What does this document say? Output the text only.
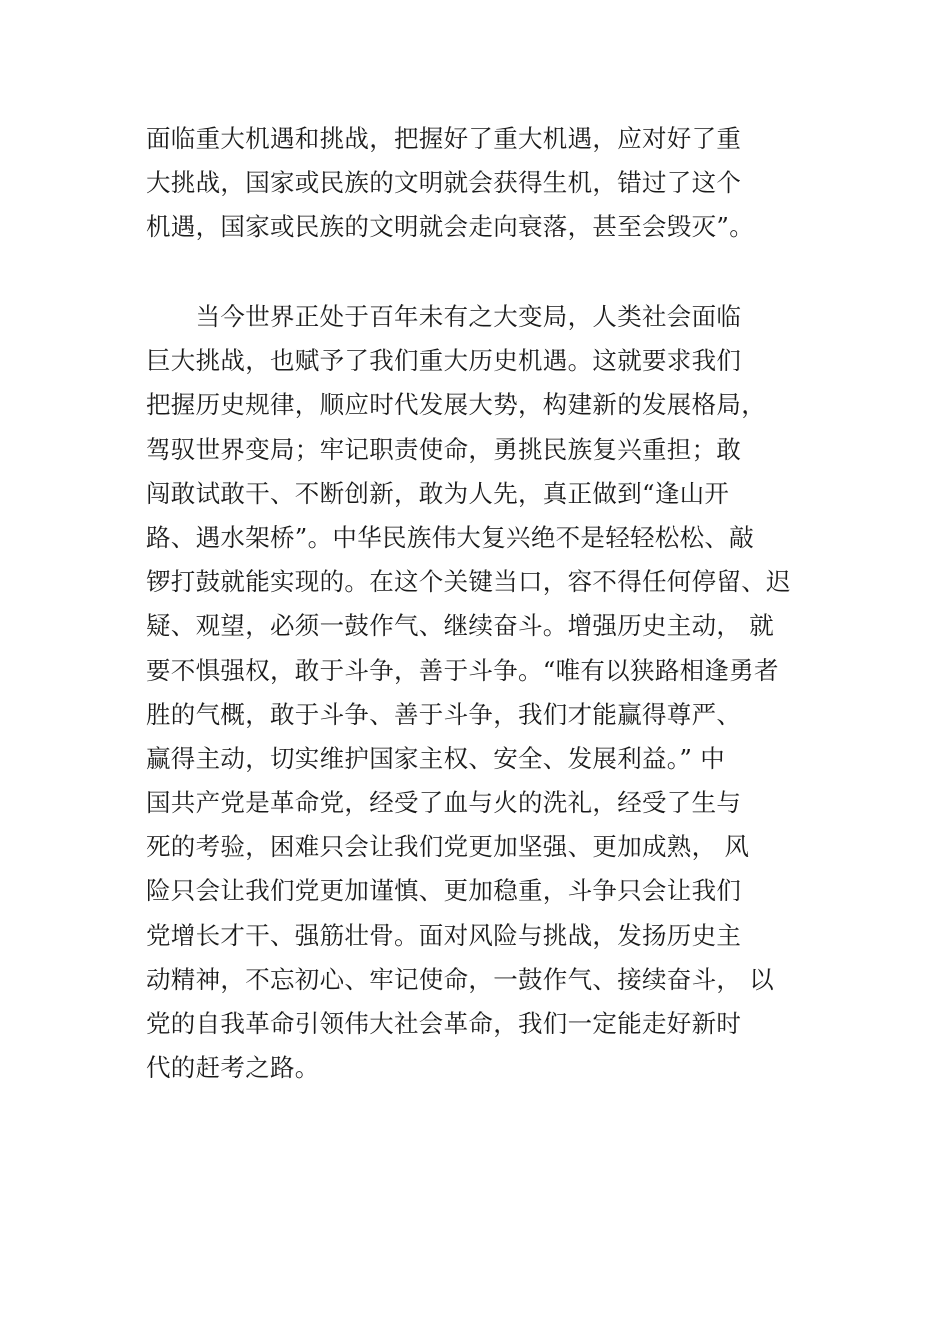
面临重大机遇和挑战，把握好了重大机遇，应对好了重
大挑战，国家或民族的文明就会获得生机，错过了这个
机遇，国家或民族的文明就会走向衰落，甚至会毁灭”。
　　当今世界正处于百年未有之大变局，人类社会面临
巨大挑战，也赋予了我们重大历史机遇。这就要求我们
把握历史规律，顺应时代发展大势，构建新的发展格局，
驾驭世界变局；牢记职责使命，勇挑民族复兴重担；敢
闯敢试敢干、不断创新，敢为人先，真正做到“逢山开
路、遇水架桥”。中华民族伟大复兴绝不是轻轻松松、敲
锣打鼓就能实现的。在这个关键当口，容不得任何停留、迟
疑、观望，必须一鼓作气、继续奋斗。增强历史主动， 就
要不惧强权，敢于斗争，善于斗争。“唯有以狭路相逢勇者
胜的气概，敢于斗争、善于斗争，我们才能赢得尊严、
赢得主动，切实维护国家主权、安全、发展利益。” 中
国共产党是革命党，经受了血与火的洗礼，经受了生与
死的考验，困难只会让我们党更加坚强、更加成熟， 风
险只会让我们党更加谨慎、更加稳重，斗争只会让我们
党增长才干、强筋壮骨。面对风险与挑战，发扬历史主
动精神，不忘初心、牢记使命，一鼓作气、接续奋斗， 以
党的自我革命引领伟大社会革命，我们一定能走好新时
代的赶考之路。
